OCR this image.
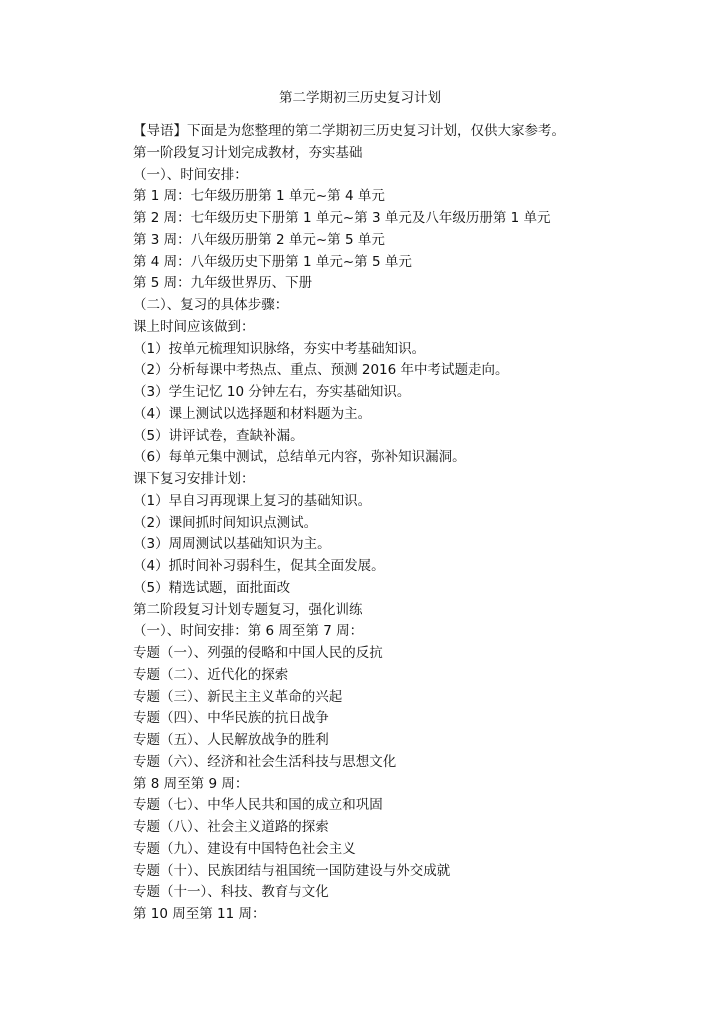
第二学期初三历史复习计划
【导语】下面是为您整理的第二学期初三历史复习计划，仅供大家参考。
第一阶段复习计划完成教材，夯实基础
（一）、时间安排：
第 1 周：七年级历册第 1 单元~第 4 单元
第 2 周：七年级历史下册第 1 单元~第 3 单元及八年级历册第 1 单元
第 3 周：八年级历册第 2 单元~第 5 单元
第 4 周：八年级历史下册第 1 单元~第 5 单元
第 5 周：九年级世界历、下册
（二）、复习的具体步骤：
课上时间应该做到：
（1）按单元梳理知识脉络，夯实中考基础知识。
（2）分析每课中考热点、重点、预测 2016 年中考试题走向。
（3）学生记忆 10 分钟左右，夯实基础知识。
（4）课上测试以选择题和材料题为主。
（5）讲评试卷，查缺补漏。
（6）每单元集中测试，总结单元内容，弥补知识漏洞。
课下复习安排计划：
（1）早自习再现课上复习的基础知识。
（2）课间抓时间知识点测试。
（3）周周测试以基础知识为主。
（4）抓时间补习弱科生，促其全面发展。
（5）精选试题，面批面改
第二阶段复习计划专题复习，强化训练
（一）、时间安排：第 6 周至第 7 周：
专题（一）、列强的侵略和中国人民的反抗
专题（二）、近代化的探索
专题（三）、新民主主义革命的兴起
专题（四）、中华民族的抗日战争
专题（五）、人民解放战争的胜利
专题（六）、经济和社会生活科技与思想文化
第 8 周至第 9 周：
专题（七）、中华人民共和国的成立和巩固
专题（八）、社会主义道路的探索
专题（九）、建设有中国特色社会主义
专题（十）、民族团结与祖国统一国防建设与外交成就
专题（十一）、科技、教育与文化
第 10 周至第 11 周：
